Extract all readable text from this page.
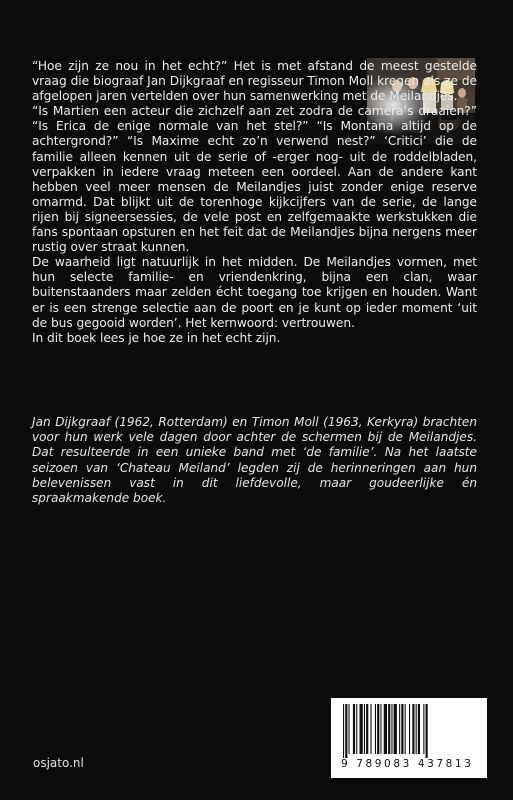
“Hoe zijn ze nou in het echt?” Het is met afstand de meest gestelde vraag die biograaf Jan Dijkgraaf en regisseur Timon Moll kregen als ze de afgelopen jaren vertelden over hun samenwerking met de Meilandjes.

“Is Martien een acteur die zichzelf aan zet zodra de camera’s draaien?” “Is Erica de enige normale van het stel?” “Is Montana altijd op de achtergrond?” “Is Maxime echt zo’n verwend nest?” ‘Critici’ die de familie alleen kennen uit de serie of -erger nog- uit de roddelbladen, verpakken in iedere vraag meteen een oordeel. Aan de andere kant hebben veel meer mensen de Meilandjes juist zonder enige reserve omarmd. Dat blijkt uit de torenhoge kijkcijfers van de serie, de lange rijen bij signeersessies, de vele post en zelfgemaakte werkstukken die fans spontaan opsturen en het feit dat de Meilandjes bijna nergens meer rustig over straat kunnen.

De waarheid ligt natuurlijk in het midden. De Meilandjes vormen, met hun selecte familie- en vriendenkring, bijna een clan, waar buitenstaanders maar zelden écht toegang toe krijgen en houden. Want er is een strenge selectie aan de poort en je kunt op ieder moment ‘uit de bus gegooid worden’. Het kernwoord: vertrouwen.

In dit boek lees je hoe ze in het echt zijn.

Jan Dijkgraaf (1962, Rotterdam) en Timon Moll (1963, Kerkyra) brachten voor hun werk vele dagen door achter de schermen bij de Meilandjes. Dat resulteerde in een unieke band met ‘de familie’. Na het laatste seizoen van ‘Chateau Meiland’ legden zij de herinneringen aan hun belevenissen vast in dit liefdevolle, maar goudeerlijke én spraakmakende boek.

osjato.nl	9 789083 437813
